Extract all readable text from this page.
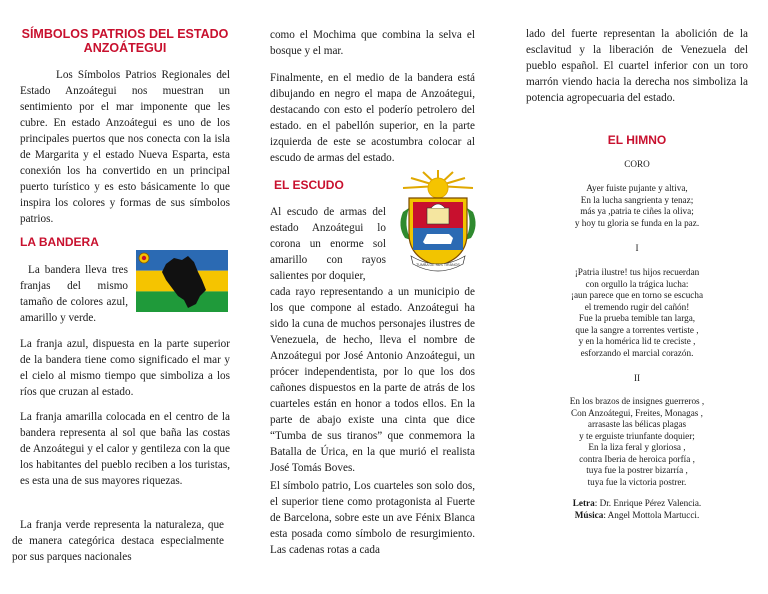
SÍMBOLOS PATRIOS DEL ESTADO ANZOÁTEGUI

Los Símbolos Patrios Regionales del Estado Anzoátegui nos muestran un sentimiento por el mar imponente que les cubre. En estado Anzoátegui es uno de los principales puertos que nos conecta con la isla de Margarita y el estado Nueva Esparta, esta conexión los ha convertido en un principal puerto turístico y es esto básicamente lo que inspira los colores y formas de sus símbolos patrios.

LA BANDERA

La bandera lleva tres franjas del mismo tamaño de colores azul, amarillo y verde.

La franja azul, dispuesta en la parte superior de la bandera tiene como significado el mar y el cielo al mismo tiempo que simboliza a los ríos que cruzan al estado.

La franja amarilla colocada en el centro de la bandera representa al sol que baña las costas de Anzoátegui y el calor y gentileza con la que los habitantes del pueblo reciben a los turistas, es esta una de sus mayores riquezas.

La franja verde representa la naturaleza, que de manera categórica destaca especialmente por sus parques nacionales

como el Mochima que combina la selva el bosque y el mar.

Finalmente, en el medio de la bandera está dibujando en negro el mapa de Anzoátegui, destacando con esto el poderío petrolero del estado. en el pabellón superior, en la parte izquierda de este se acostumbra colocar al escudo de armas del estado.

EL ESCUDO

Al escudo de armas del estado Anzoátegui lo corona un enorme sol amarillo con rayos salientes por doquier,

TUMBA DE SUS TIRANOS

cada rayo representando a un municipio de los que compone al estado. Anzoátegui ha sido la cuna de muchos personajes ilustres de Venezuela, de hecho, lleva el nombre de Anzoátegui por José Antonio Anzoátegui, un prócer independentista, por lo que los dos cañones dispuestos en la parte de atrás de los cuarteles están en honor a todos ellos. En la parte de abajo existe una cinta que dice “Tumba de sus tiranos” que conmemora la Batalla de Úrica, en la que murió el realista José Tomás Boves.

El símbolo patrio, Los cuarteles son solo dos, el superior tiene como protagonista al Fuerte de Barcelona, sobre este un ave Fénix Blanca esta posada como símbolo de resurgimiento. Las cadenas rotas a cada

lado del fuerte representan la abolición de la esclavitud y la liberación de Venezuela del pueblo español. El cuartel inferior con un toro marrón viendo hacia la derecha nos simboliza la potencia agropecuaria del estado.

EL HIMNO
CORO
Ayer fuiste pujante y altiva,
En la lucha sangrienta y tenaz;
más ya ,patria te ciñes la oliva;
y hoy tu gloria se funda en la paz.
I
¡Patria ilustre! tus hijos recuerdan
con orgullo la trágica lucha:
¡aun parece que en torno se escucha
el tremendo rugir del cañón!
Fue la prueba temible tan larga,
que la sangre a torrentes vertiste ,
y en la homérica lid te creciste ,
esforzando el marcial corazón.
II
En los brazos de insignes guerreros ,
Con Anzoátegui, Freites, Monagas ,
arrasaste las bélicas plagas
y te erguiste triunfante doquier;
En la liza feral y gloriosa ,
contra Iberia de heroica porfía ,
tuya fue la postrer bizarría ,
tuya fue la victoria postrer.
Letra: Dr. Enrique Pérez Valencia.
Música: Angel Mottola Martucci.
